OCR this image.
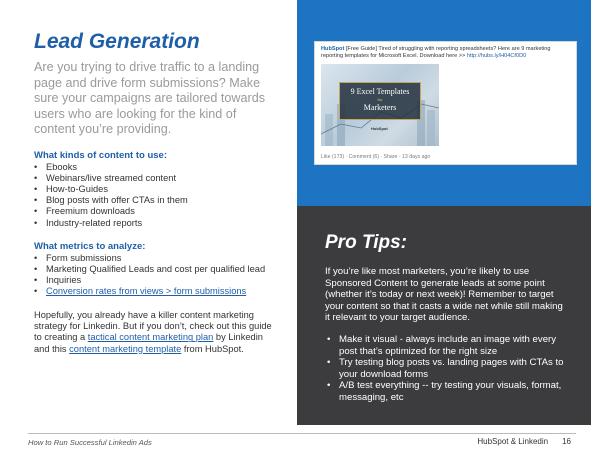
Lead Generation

Are you trying to drive traffic to a landing page and drive form submissions? Make sure your campaigns are tailored towards users who are looking for the kind of content you’re providing.

What kinds of content to use:
• Ebooks
• Webinars/live streamed content
• How-to-Guides
• Blog posts with offer CTAs in them
• Freemium downloads
• Industry-related reports
What metrics to analyze:
• Form submissions
• Marketing Qualified Leads and cost per qualified lead
• Inquiries
• Conversion rates from views > form submissions

Hopefully, you already have a killer content marketing strategy for Linkedin. But if you don’t, check out this guide to creating a tactical content marketing plan by Linkedin and this content marketing template from HubSpot.

HubSpot [Free Guide] Tired of struggling with reporting spreadsheets? Here are 9 marketing reporting templates for Microsoft Excel. Download here >> http://hubs.ly/H04Cf0D0
9 Excel Templates
for
Marketers
HubSpot
Like (173) · Comment (6) · Share · 13 days ago
Pro Tips:

If you’re like most marketers, you’re likely to use Sponsored Content to generate leads at some point (whether it’s today or next week)! Remember to target your content so that it casts a wide net while still making it relevant to your target audience.

• Make it visual - always include an image with every post that’s optimized for the right size
• Try testing blog posts vs. landing pages with CTAs to your download forms
• A/B test everything -- try testing your visuals, format, messaging, etc
How to Run Successful Linkedin Ads	HubSpot & Linkedin 16
